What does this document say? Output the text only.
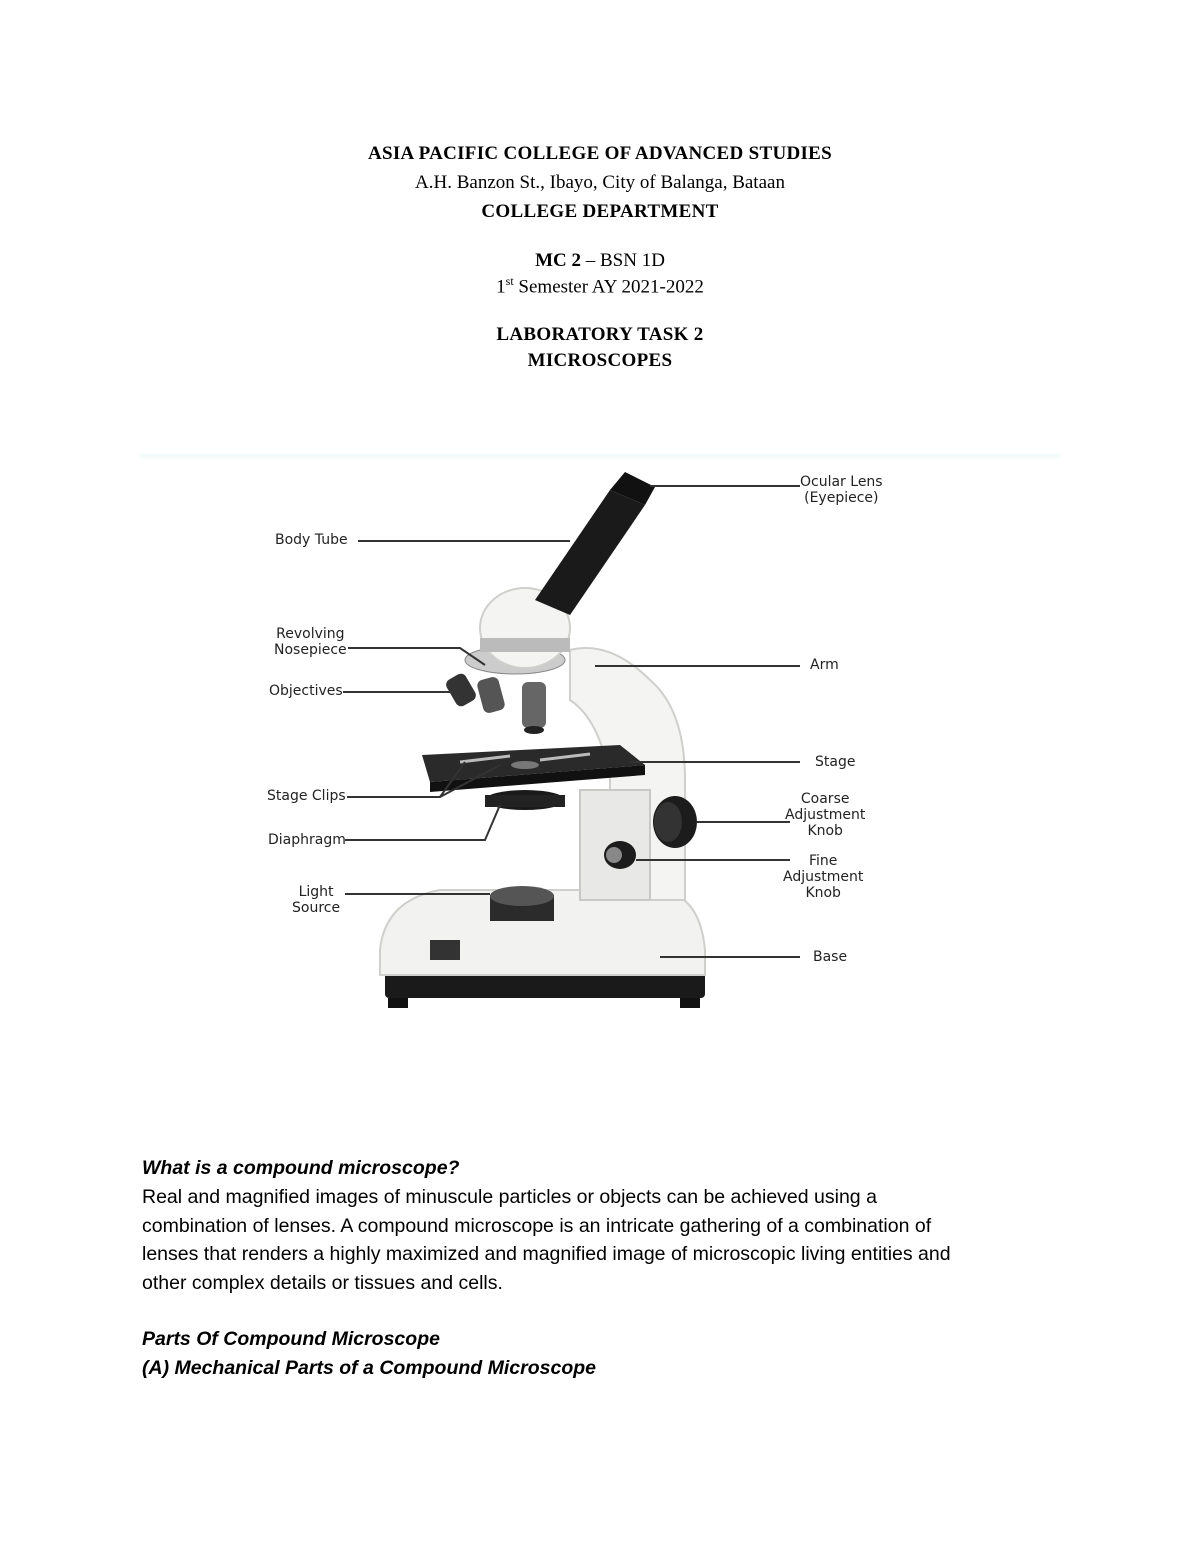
ASIA PACIFIC COLLEGE OF ADVANCED STUDIES
A.H. Banzon St., Ibayo, City of Balanga, Bataan
COLLEGE DEPARTMENT
MC 2 – BSN 1D
1st Semester AY 2021-2022
LABORATORY TASK 2
MICROSCOPES
Ocular Lens
(Eyepiece)
Body Tube
Revolving
Nosepiece
Objectives
Arm
Stage
Stage Clips	Coarse
Adjustment
Knob
Diaphragm
Fine
Adjustment
Knob
Light
Source
Base
What is a compound microscope?
Real and magnified images of minuscule particles or objects can be achieved using a
combination of lenses. A compound microscope is an intricate gathering of a combination of
lenses that renders a highly maximized and magnified image of microscopic living entities and
other complex details or tissues and cells.
Parts Of Compound Microscope
(A) Mechanical Parts of a Compound Microscope
